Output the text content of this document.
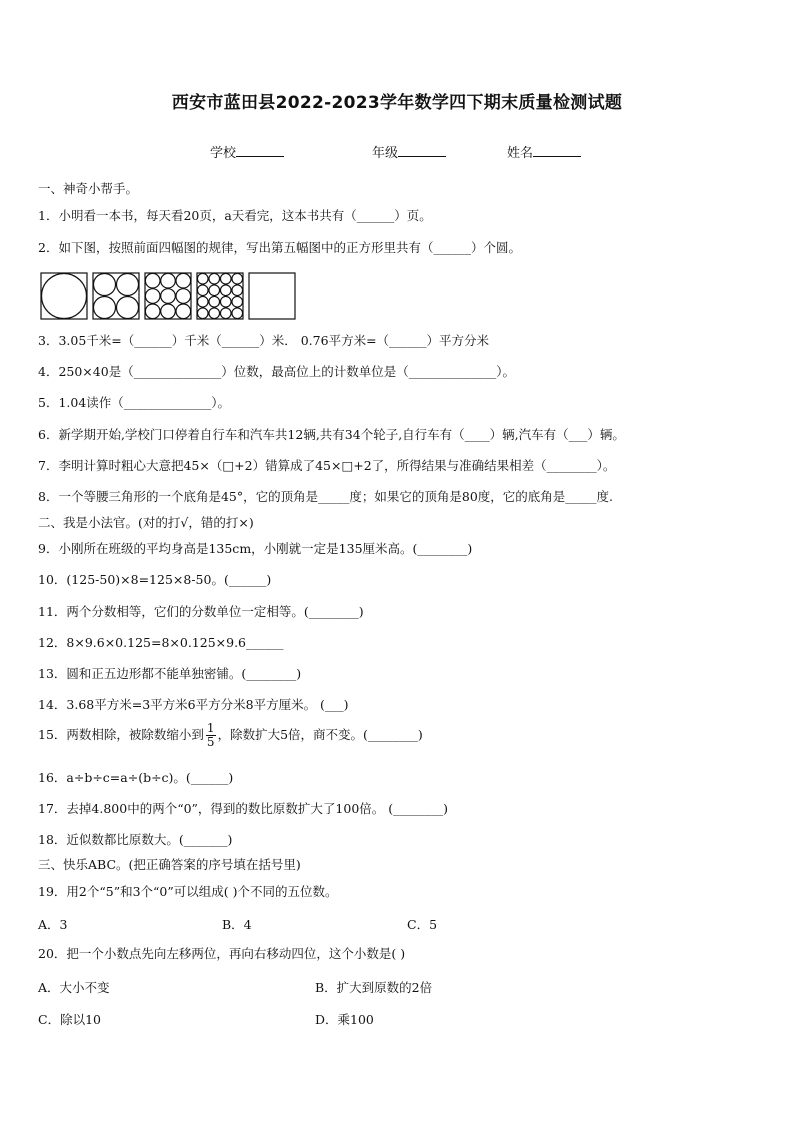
西安市蓝田县2022-2023学年数学四下期末质量检测试题
学校	年级	姓名
一、神奇小帮手。
1．小明看一本书，每天看20页，a天看完，这本书共有（______）页。
2．如下图，按照前面四幅图的规律，写出第五幅图中的正方形里共有（______）个圆。
3．3.05千米=（______）千米（______）米． 0.76平方米=（______）平方分米
4．250×40是（______________）位数，最高位上的计数单位是（______________）。
5．1.04读作（______________）。
6．新学期开始,学校门口停着自行车和汽车共12辆,共有34个轮子,自行车有（____）辆,汽车有（___）辆。
7．李明计算时粗心大意把45×（□+2）错算成了45×□+2了，所得结果与准确结果相差（________）。
8．一个等腰三角形的一个底角是45°，它的顶角是_____度；如果它的顶角是80度，它的底角是_____度.
二、我是小法官。(对的打√，错的打×)
9．小刚所在班级的平均身高是135cm，小刚就一定是135厘米高。(________)
10．(125-50)×8=125×8-50。(______)
11．两个分数相等，它们的分数单位一定相等。(________)
12．8×9.6×0.125=8×0.125×9.6______
13．圆和正五边形都不能单独密铺。(________)
14．3.68平方米=3平方米6平方分米8平方厘米。 (___)
15．两数相除，被除数缩小到 $\frac{1}{5}$ ，除数扩大5倍，商不变。(________)
16．a÷b÷c=a÷(b÷c)。(______)
17．去掉4.800中的两个“0”，得到的数比原数扩大了100倍。 (________)
18．近似数都比原数大。(_______)
三、快乐ABC。(把正确答案的序号填在括号里)
19．用2个“5”和3个“0”可以组成( )个不同的五位数。
A．3	B．4	C．5
20．把一个小数点先向左移两位，再向右移动四位，这个小数是( )
A．大小不变	B．扩大到原数的2倍
C．除以10	D．乘100
